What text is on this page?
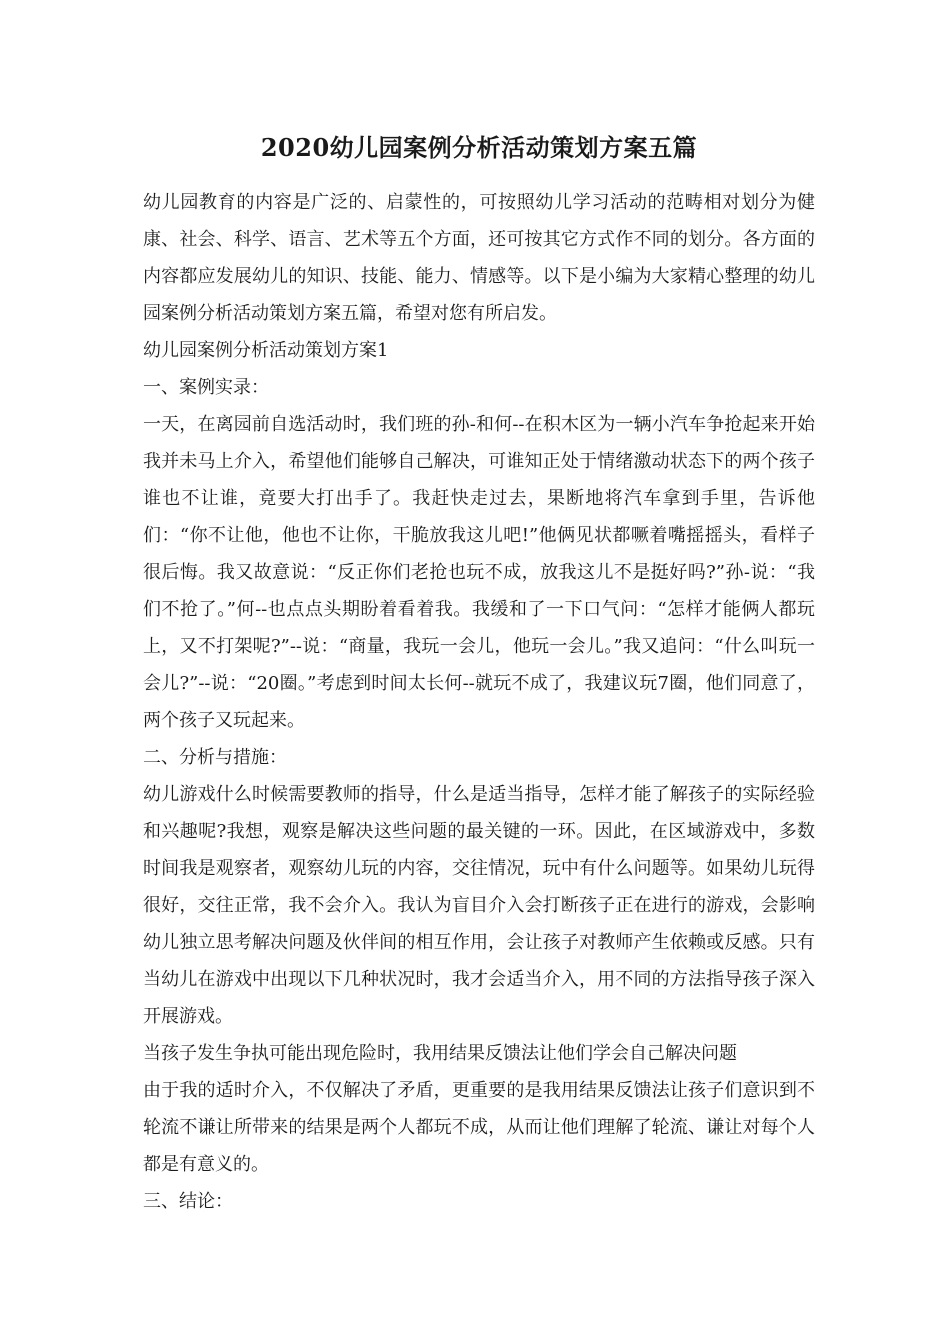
2020幼儿园案例分析活动策划方案五篇

幼儿园教育的内容是广泛的、启蒙性的，可按照幼儿学习活动的范畴相对划分为健康、社会、科学、语言、艺术等五个方面，还可按其它方式作不同的划分。各方面的内容都应发展幼儿的知识、技能、能力、情感等。以下是小编为大家精心整理的幼儿园案例分析活动策划方案五篇，希望对您有所启发。

幼儿园案例分析活动策划方案1

一、案例实录：

一天，在离园前自选活动时，我们班的孙-和何--在积木区为一辆小汽车争抢起来开始我并未马上介入，希望他们能够自己解决，可谁知正处于情绪激动状态下的两个孩子谁也不让谁，竟要大打出手了。我赶快走过去，果断地将汽车拿到手里，告诉他们：“你不让他，他也不让你，干脆放我这儿吧!”他俩见状都噘着嘴摇摇头，看样子很后悔。我又故意说：“反正你们老抢也玩不成，放我这儿不是挺好吗?”孙-说：“我们不抢了。”何--也点点头期盼着看着我。我缓和了一下口气问：“怎样才能俩人都玩上，又不打架呢?”--说：“商量，我玩一会儿，他玩一会儿。”我又追问：“什么叫玩一会儿?”--说：“20圈。”考虑到时间太长何--就玩不成了，我建议玩7圈，他们同意了，两个孩子又玩起来。

二、分析与措施：

幼儿游戏什么时候需要教师的指导，什么是适当指导，怎样才能了解孩子的实际经验和兴趣呢?我想，观察是解决这些问题的最关键的一环。因此，在区域游戏中，多数时间我是观察者，观察幼儿玩的内容，交往情况，玩中有什么问题等。如果幼儿玩得很好，交往正常，我不会介入。我认为盲目介入会打断孩子正在进行的游戏，会影响幼儿独立思考解决问题及伙伴间的相互作用，会让孩子对教师产生依赖或反感。只有当幼儿在游戏中出现以下几种状况时，我才会适当介入，用不同的方法指导孩子深入开展游戏。

当孩子发生争执可能出现危险时，我用结果反馈法让他们学会自己解决问题

由于我的适时介入，不仅解决了矛盾，更重要的是我用结果反馈法让孩子们意识到不轮流不谦让所带来的结果是两个人都玩不成，从而让他们理解了轮流、谦让对每个人都是有意义的。

三、结论：
